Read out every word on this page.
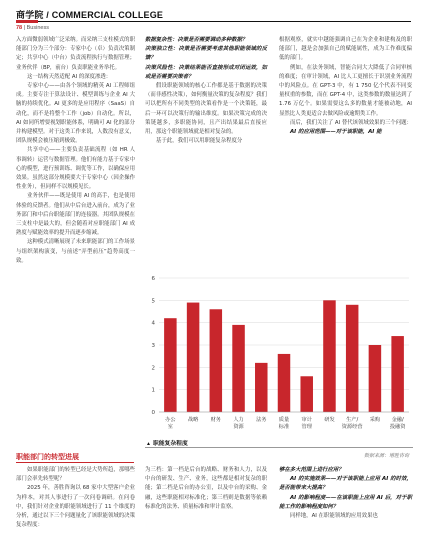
商学院 / COMMERCIAL COLLEGE
78 | Business

入方面微弱领域广泛采纳。而采纳三支柱模式的职能部门分为三个部分：专家中心（卓）负责决策制定；共享中心（中台）负责流程执行与数据管理；业务伙伴（BP，前台）负责职能业务举托。

这一结构天然适配 AI 的深度渗透：

专家中心——由各个领域的精英 AI 工程师组成。主要专注于算法设计、模型训练与企业 AI 大脑的持续优化。AI 更多的是应用程序（SaaS）自动化，而不是将整个工作（job）自动化。所以，AI 如同所增要视划职能体系，明确可 AI 化的部分并构建模型。对于这类工作来说，人数没有意义，团队规模会被压缩到极致。

共享中心——主要负责基础流程（如 HR 人事调转）运营与数据管理。他们有能力基于专家中心的模型，进行预训练、调优等工作，以确保应用效果。虽然这部分规模要大于专家中心（因企操作性业务），但同样不以规模见长。

业务伙伴——既是使用 AI 的高手，也是使用体验的反馈者。他们从中后台进入前台，成为了业务部门和中后台职能部门的连接器。其团队规模在三支柱中是最大的，但会随着对应职能部门 AI 成熟度与赋能效率的提升而逐步缩减。

这种模式清晰展现了未来职能部门的工作场景与组织架构演变，与前述“弄型前压”趋势高度一致。

数据复杂性：决策是否需要调动多种数据？

决策独立性：决策是否需要考虑其他职能领域的反馈？

决策风险性：决策结果能否直接形成对闭运效，如或是否需要决策者？

假设职能领域的核心工作都是基于数据的决策（而非感性决策），如何衡量决策的复杂程度？我们可以把所有不同类型的决策看作是一个决策链，最后一环可以决策行的输出维度。如果决策完成的决策链越多，多职能协同，且产出结果最后直接应用，那这个职能领域就是相对复杂的。

基于此，我们可以用职能复杂程度分

根据观察，就实中越能强调自己在为企业和建构及的职能部门，越是会加强自己的赋能属性，成为工作难度偏低的部门。

例如，在法务领域，智能合同大大降低了合同审核的难度；在审计领域，AI 比人工更擅长于识别业务流程中的风险点。在 GPT-3 中，有 1 750 亿个代表不同变量权重的参数，而在 GPT-4 中，这类参数的数量达到了 1.76 万亿个。如果需要这么多的数量才能被动地，AI 显然比人类更适合去做风险或逾期类工作。

而后，我们关注了 AI 替代该领域效果的三个问题：

AI 的应用范围——对于该职能，AI 能

0
1
2
3
4
5
6
办公
室
战略 财务 人力
资源
法务 质量
标准
审计
管理
研发 生产/
资源经营
采购 金融/
投融资
▲ 职能复杂程度
数据来源：增胜咨询
职能部门的转型进展

如果职能部门的转型已经是大势所趋，那哪些部门会率先转型呢？

2025 年，善胜咨询以 68 家中大型客户企业为样本，对其人事进行了一次问卷调研。在问卷中，我们针对企业的职能领域进行了 11 个维度的分析，通过以下三个问题量化了该职能领域的决策复杂程度：

为三档：第一档是后台的战略、财务和人力，以及中台的研发、生产、业务，这些都是相对复杂的职能；第二档是后台的办公室，以及中台的采购、金融，这些职能相对标准化；第三档则是数据等依赖标准化的法务、质量标准和审计监察。

够在多大范围上进行应用？

AI 的实施效果——对于该职能上应用 AI 的时效，是否能带来大提高？

AI 的影响程度——在该职能上应用 AI 后，对于职能工作的影响程度如何？

同样地，AI 在职能领域的应用效果也
